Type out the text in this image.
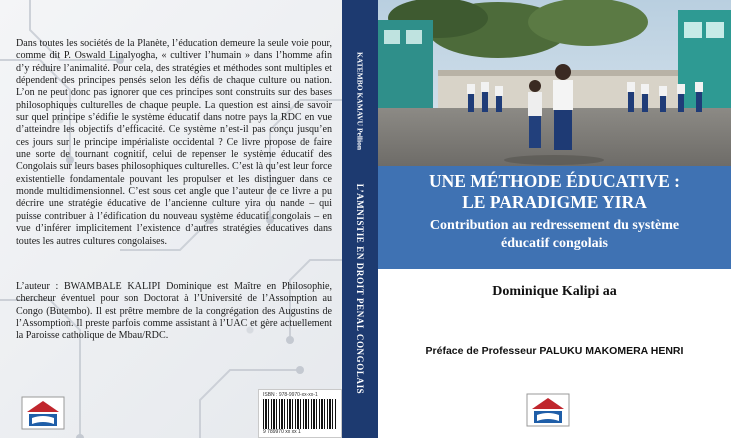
Dans toutes les sociétés de la Planète, l’éducation demeure la seule voie pour, comme dit P. Oswald Linalyogha, « cultiver l’humain » dans l’homme afin d’y réduire l’animalité. Pour cela, des stratégies et méthodes sont multiples et dépendent des principes pensés selon les défis de chaque culture ou nation. L’on ne peut donc pas ignorer que ces principes sont construits sur des bases philosophiques culturelles de chaque peuple. La question est ainsi de savoir sur quel principe s’édifie le système éducatif dans notre pays la RDC en vue d’atteindre les objectifs d’efficacité. Ce système n’est-il pas conçu jusqu’en ces jours sur le principe impérialiste occidental ? Ce livre propose de faire une sorte de tournant cognitif, celui de repenser le système éducatif des Congolais sur leurs bases philosophiques culturelles. C’est là qu’est leur force existentielle fondamentale pouvant les propulser et les distinguer dans ce monde multidimensionnel. C’est sous cet angle que l’auteur de ce livre a pu décrire une stratégie éducative de l’ancienne culture yira ou nande – qui puisse contribuer à l’édification du nouveau système éducatif congolais – en vue d’inférer implicitement l’existence d’autres stratégies éducatives dans toutes les autres cultures congolaises.
L’auteur : BWAMBALE KALIPI Dominique est Maître en Philosophie, chercheur éventuel pour son Doctorat à l’Université de l’Assomption au Congo (Butembo). Il est prêtre membre de la congrégation des Augustins de l’Assomption. Il preste parfois comme assistant à l’UAC et gère actuellement la Paroisse catholique de Mbau/RDC.
ISBN : 978-9970-xx-xx-1
9 789970 xx xx 1
KATEMBO KAMAVU Pellion
L’AMNISTIE EN DROIT PENAL CONGOLAIS
UNE MÉTHODE ÉDUCATIVE :
LE PARADIGME YIRA
Contribution au redressement du système
éducatif congolais
Dominique Kalipi aa
Préface de Professeur PALUKU MAKOMERA HENRI
